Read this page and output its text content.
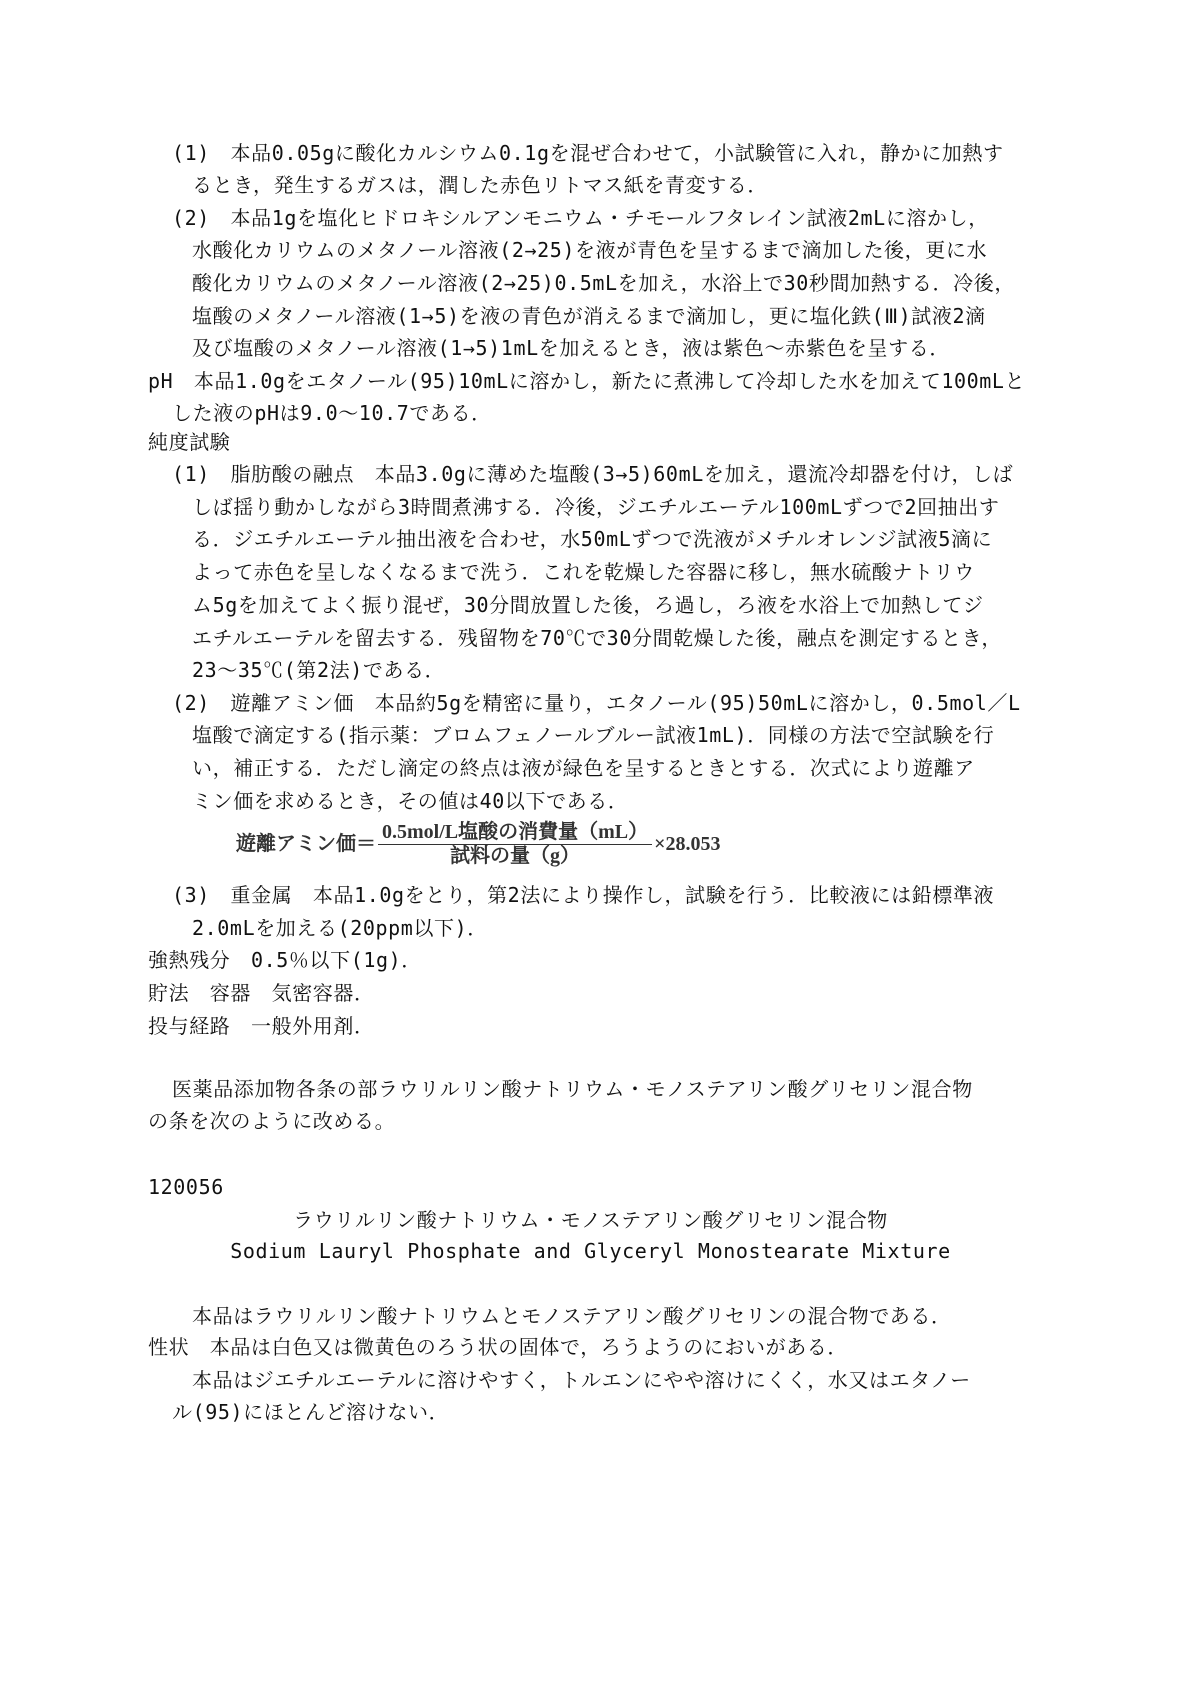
(1)　本品0.05gに酸化カルシウム0.1gを混ぜ合わせて，小試験管に入れ，静かに加熱す
るとき，発生するガスは，潤した赤色リトマス紙を青変する．
(2)　本品1gを塩化ヒドロキシルアンモニウム・チモールフタレイン試液2mLに溶かし，
水酸化カリウムのメタノール溶液(2→25)を液が青色を呈するまで滴加した後，更に水
酸化カリウムのメタノール溶液(2→25)0.5mLを加え，水浴上で30秒間加熱する．冷後，
塩酸のメタノール溶液(1→5)を液の青色が消えるまで滴加し，更に塩化鉄(Ⅲ)試液2滴
及び塩酸のメタノール溶液(1→5)1mLを加えるとき，液は紫色～赤紫色を呈する．
pH　本品1.0gをエタノール(95)10mLに溶かし，新たに煮沸して冷却した水を加えて100mLと
した液のpHは9.0～10.7である．
純度試験
(1)　脂肪酸の融点　本品3.0gに薄めた塩酸(3→5)60mLを加え，還流冷却器を付け，しば
しば揺り動かしながら3時間煮沸する．冷後，ジエチルエーテル100mLずつで2回抽出す
る．ジエチルエーテル抽出液を合わせ，水50mLずつで洗液がメチルオレンジ試液5滴に
よって赤色を呈しなくなるまで洗う．これを乾燥した容器に移し，無水硫酸ナトリウ
ム5gを加えてよく振り混ぜ，30分間放置した後，ろ過し，ろ液を水浴上で加熱してジ
エチルエーテルを留去する．残留物を70℃で30分間乾燥した後，融点を測定するとき，
23～35℃(第2法)である．
(2)　遊離アミン価　本品約5gを精密に量り，エタノール(95)50mLに溶かし，0.5mol／L
塩酸で滴定する(指示薬：ブロムフェノールブルー試液1mL)．同様の方法で空試験を行
い，補正する．ただし滴定の終点は液が緑色を呈するときとする．次式により遊離ア
ミン価を求めるとき，その値は40以下である．
遊離アミン価＝ $\frac{\text{0.5mol/L塩酸の消費量（mL）}}{\text{試料の量（g）}} \times 28.053$
(3)　重金属　本品1.0gをとり，第2法により操作し，試験を行う．比較液には鉛標準液
2.0mLを加える(20ppm以下)．
強熱残分　0.5％以下(1g)．
貯法　容器　気密容器．
投与経路　一般外用剤．
医薬品添加物各条の部ラウリルリン酸ナトリウム・モノステアリン酸グリセリン混合物
の条を次のように改める。
120056
ラウリルリン酸ナトリウム・モノステアリン酸グリセリン混合物
Sodium Lauryl Phosphate and Glyceryl Monostearate Mixture
本品はラウリルリン酸ナトリウムとモノステアリン酸グリセリンの混合物である．
性状　本品は白色又は微黄色のろう状の固体で，ろうようのにおいがある．
本品はジエチルエーテルに溶けやすく，トルエンにやや溶けにくく，水又はエタノー
ル(95)にほとんど溶けない．
